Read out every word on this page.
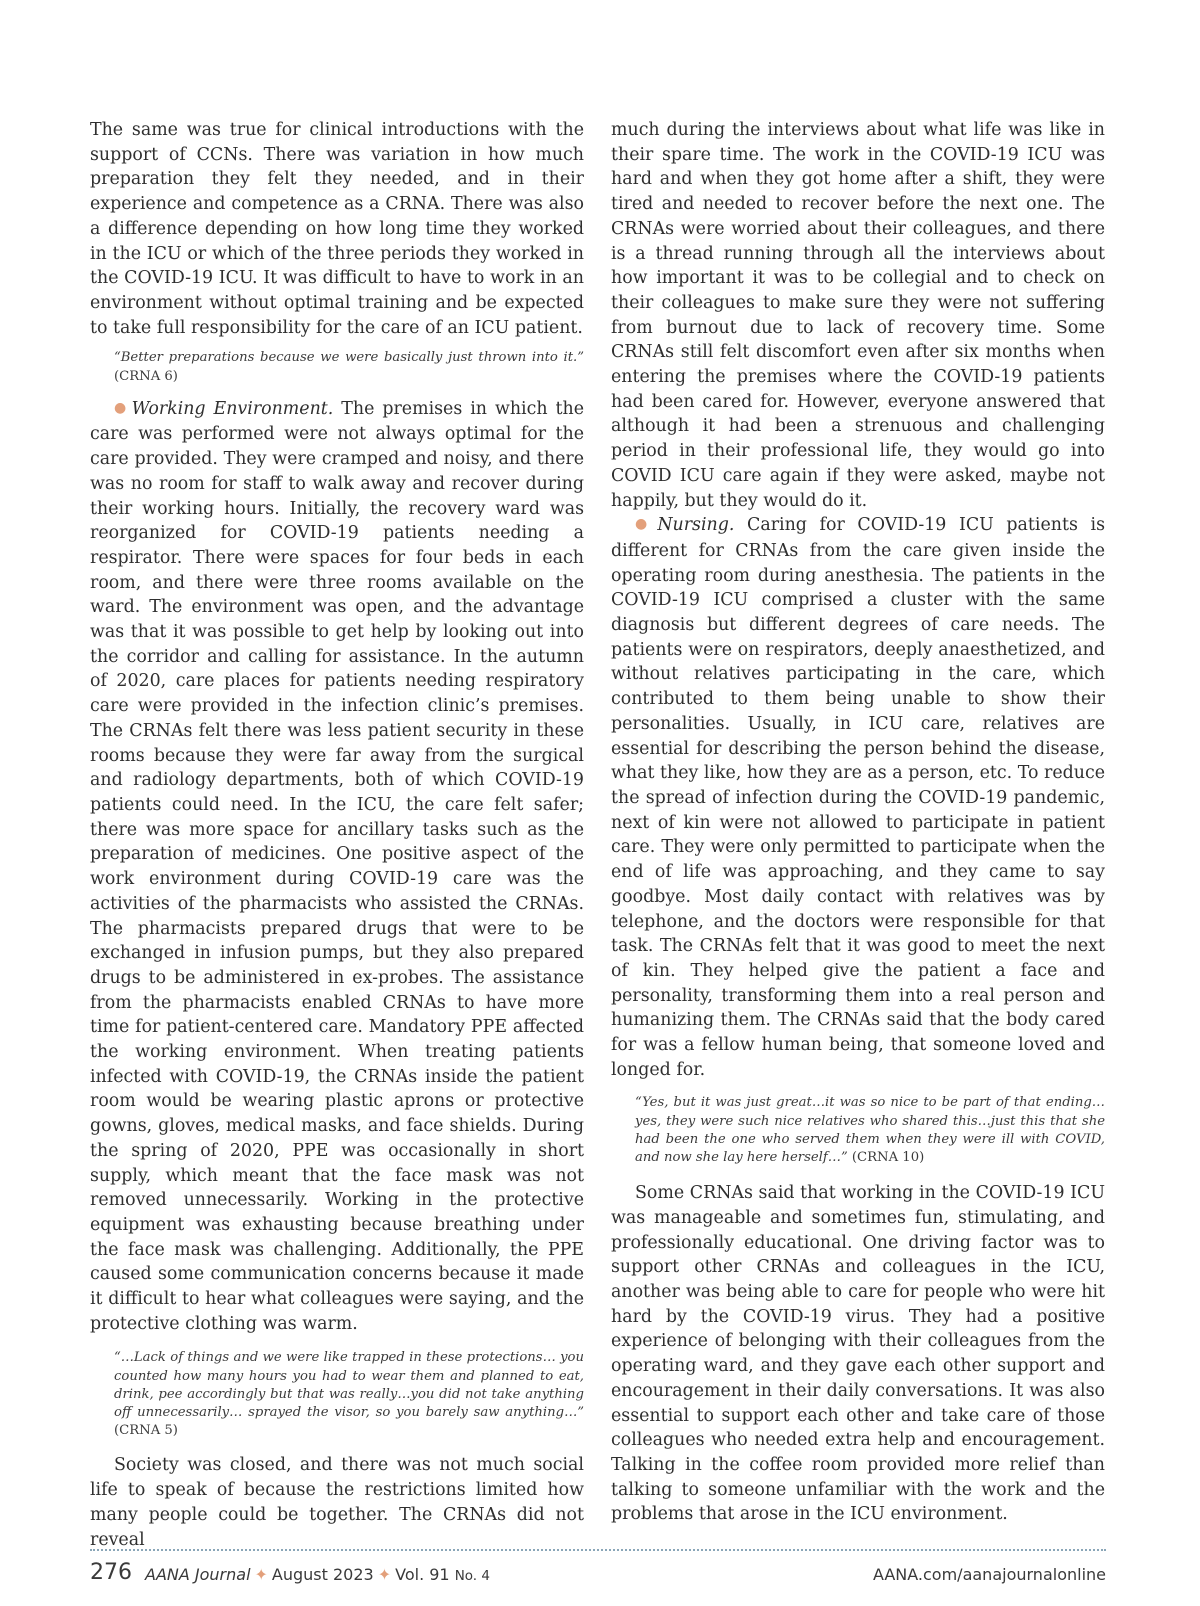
The same was true for clinical introductions with the support of CCNs. There was variation in how much preparation they felt they needed, and in their experience and competence as a CRNA. There was also a difference depending on how long time they worked in the ICU or which of the three periods they worked in the COVID-19 ICU. It was difficult to have to work in an environment without optimal training and be expected to take full responsibility for the care of an ICU patient.

“Better preparations because we were basically just thrown into it.” (CRNA 6)

● Working Environment. The premises in which the care was performed were not always optimal for the care provided. They were cramped and noisy, and there was no room for staff to walk away and recover during their working hours. Initially, the recovery ward was reorganized for COVID-19 patients needing a respirator. There were spaces for four beds in each room, and there were three rooms available on the ward. The environment was open, and the advantage was that it was possible to get help by looking out into the corridor and calling for assistance. In the autumn of 2020, care places for patients needing respiratory care were provided in the infection clinic’s premises. The CRNAs felt there was less patient security in these rooms because they were far away from the surgical and radiology departments, both of which COVID-19 patients could need. In the ICU, the care felt safer; there was more space for ancillary tasks such as the preparation of medicines. One positive aspect of the work environment during COVID-19 care was the activities of the pharmacists who assisted the CRNAs. The pharmacists prepared drugs that were to be exchanged in infusion pumps, but they also prepared drugs to be administered in ex-probes. The assistance from the pharmacists enabled CRNAs to have more time for patient-centered care. Mandatory PPE affected the working environment. When treating patients infected with COVID-19, the CRNAs inside the patient room would be wearing plastic aprons or protective gowns, gloves, medical masks, and face shields. During the spring of 2020, PPE was occasionally in short supply, which meant that the face mask was not removed unnecessarily. Working in the protective equipment was exhausting because breathing under the face mask was challenging. Additionally, the PPE caused some communication concerns because it made it difficult to hear what colleagues were saying, and the protective clothing was warm.

“…Lack of things and we were like trapped in these protections… you counted how many hours you had to wear them and planned to eat, drink, pee accordingly but that was really…you did not take anything off unnecessarily… sprayed the visor, so you barely saw anything…” (CRNA 5)

Society was closed, and there was not much social life to speak of because the restrictions limited how many people could be together. The CRNAs did not reveal

much during the interviews about what life was like in their spare time. The work in the COVID-19 ICU was hard and when they got home after a shift, they were tired and needed to recover before the next one. The CRNAs were worried about their colleagues, and there is a thread running through all the interviews about how important it was to be collegial and to check on their colleagues to make sure they were not suffering from burnout due to lack of recovery time. Some CRNAs still felt discomfort even after six months when entering the premises where the COVID-19 patients had been cared for. However, everyone answered that although it had been a strenuous and challenging period in their professional life, they would go into COVID ICU care again if they were asked, maybe not happily, but they would do it.

● Nursing. Caring for COVID-19 ICU patients is different for CRNAs from the care given inside the operating room during anesthesia. The patients in the COVID-19 ICU comprised a cluster with the same diagnosis but different degrees of care needs. The patients were on respirators, deeply anaesthetized, and without relatives participating in the care, which contributed to them being unable to show their personalities. Usually, in ICU care, relatives are essential for describing the person behind the disease, what they like, how they are as a person, etc. To reduce the spread of infection during the COVID-19 pandemic, next of kin were not allowed to participate in patient care. They were only permitted to participate when the end of life was approaching, and they came to say goodbye. Most daily contact with relatives was by telephone, and the doctors were responsible for that task. The CRNAs felt that it was good to meet the next of kin. They helped give the patient a face and personality, transforming them into a real person and humanizing them. The CRNAs said that the body cared for was a fellow human being, that someone loved and longed for.

“Yes, but it was just great…it was so nice to be part of that ending… yes, they were such nice relatives who shared this…just this that she had been the one who served them when they were ill with COVID, and now she lay here herself…” (CRNA 10)

Some CRNAs said that working in the COVID-19 ICU was manageable and sometimes fun, stimulating, and professionally educational. One driving factor was to support other CRNAs and colleagues in the ICU, another was being able to care for people who were hit hard by the COVID-19 virus. They had a positive experience of belonging with their colleagues from the operating ward, and they gave each other support and encouragement in their daily conversations. It was also essential to support each other and take care of those colleagues who needed extra help and encouragement. Talking in the coffee room provided more relief than talking to someone unfamiliar with the work and the problems that arose in the ICU environment.

276 AANA Journal ✦ August 2023 ✦ Vol. 91 No. 4	AANA.com/aanajournalonline
